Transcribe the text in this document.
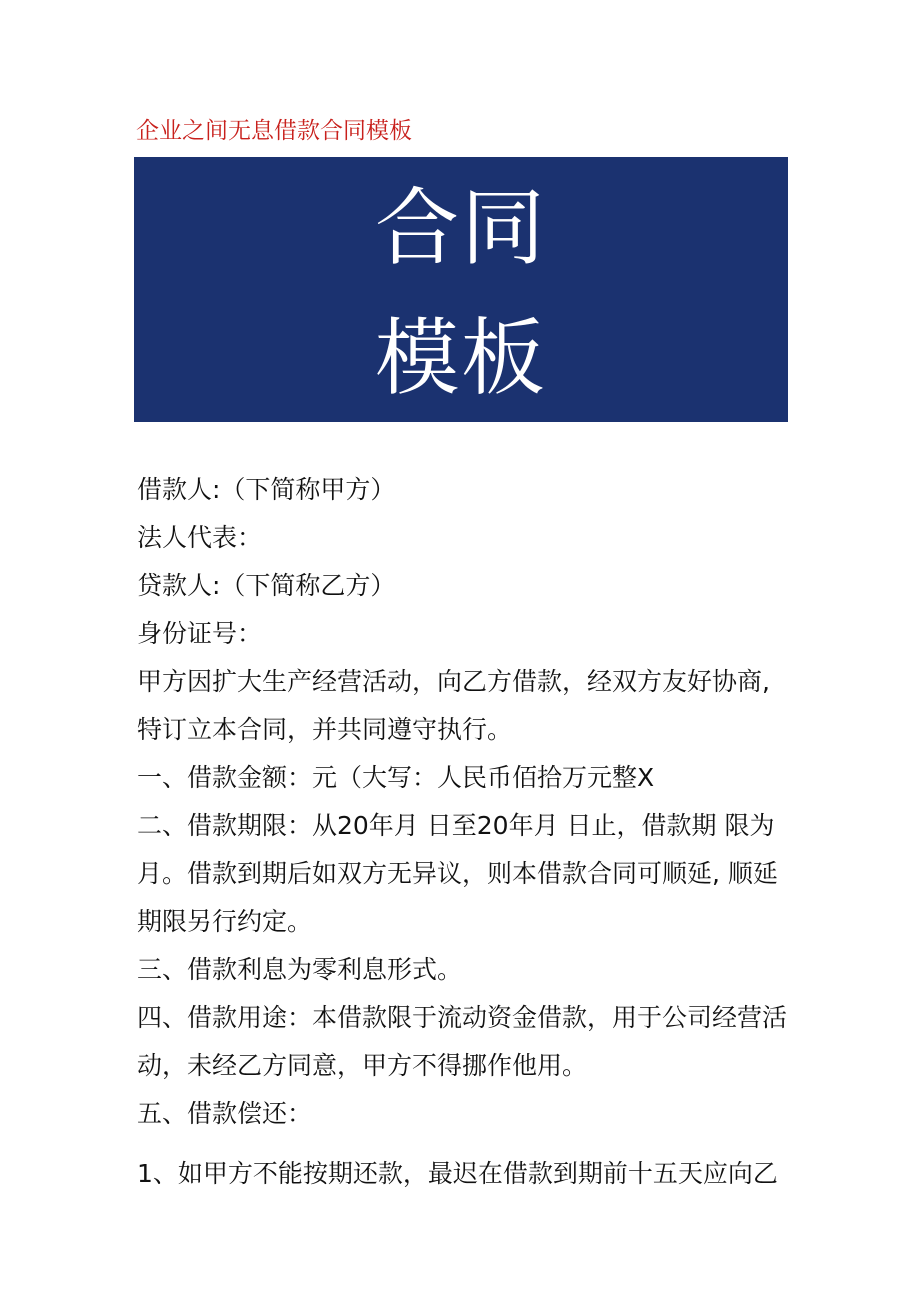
企业之间无息借款合同模板
合同
模板

借款人:（下简称甲方）

法人代表：

贷款人:（下简称乙方）

身份证号：

甲方因扩大生产经营活动，向乙方借款，经双方友好协商,

特订立本合同，并共同遵守执行。

一、借款金额：元（大写：人民币佰拾万元整X

二、借款期限：从20年月 日至20年月 日止，借款期 限为

月。借款到期后如双方无异议，则本借款合同可顺延, 顺延

期限另行约定。

三、借款利息为零利息形式。

四、借款用途：本借款限于流动资金借款，用于公司经营活

动，未经乙方同意，甲方不得挪作他用。

五、借款偿还：

1、如甲方不能按期还款，最迟在借款到期前十五天应向乙
